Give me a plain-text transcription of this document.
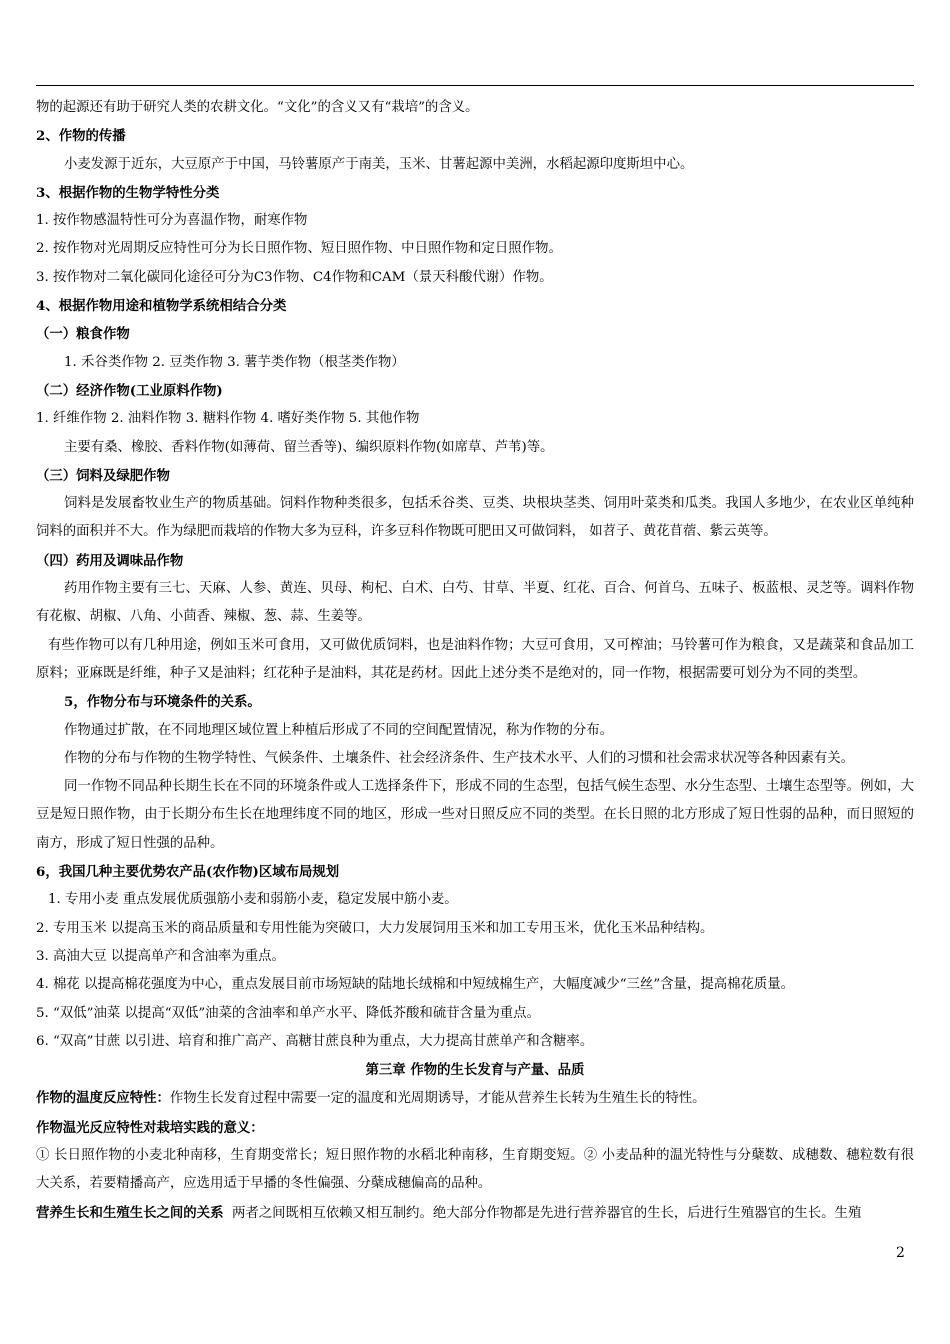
物的起源还有助于研究人类的农耕文化。“文化”的含义又有“栽培”的含义。

2、作物的传播

小麦发源于近东，大豆原产于中国，马铃薯原产于南美，玉米、甘薯起源中美洲，水稻起源印度斯坦中心。

3、根据作物的生物学特性分类

1. 按作物感温特性可分为喜温作物，耐寒作物

2. 按作物对光周期反应特性可分为长日照作物、短日照作物、中日照作物和定日照作物。

3. 按作物对二氧化碳同化途径可分为C3作物、C4作物和CAM（景天科酸代谢）作物。

4、根据作物用途和植物学系统相结合分类

（一）粮食作物

1. 禾谷类作物 2. 豆类作物 3. 薯芋类作物（根茎类作物）

（二）经济作物(工业原料作物)

1. 纤维作物 2. 油料作物 3. 糖料作物 4. 嗜好类作物 5. 其他作物

主要有桑、橡胶、香料作物(如薄荷、留兰香等)、编织原料作物(如席草、芦苇)等。

（三）饲料及绿肥作物

饲料是发展畜牧业生产的物质基础。饲料作物种类很多，包括禾谷类、豆类、块根块茎类、饲用叶菜类和瓜类。我国人多地少，在农业区单纯种饲料的面积并不大。作为绿肥而栽培的作物大多为豆科，许多豆科作物既可肥田又可做饲料， 如苕子、黄花苜蓿、紫云英等。

（四）药用及调味品作物

药用作物主要有三七、天麻、人参、黄连、贝母、枸杞、白术、白芍、甘草、半夏、红花、百合、何首乌、五味子、板蓝根、灵芝等。调料作物有花椒、胡椒、八角、小茴香、辣椒、葱、蒜、生姜等。

有些作物可以有几种用途，例如玉米可食用，又可做优质饲料，也是油料作物；大豆可食用，又可榨油；马铃薯可作为粮食，又是蔬菜和食品加工原料；亚麻既是纤维，种子又是油料；红花种子是油料，其花是药材。因此上述分类不是绝对的，同一作物，根据需要可划分为不同的类型。

5，作物分布与环境条件的关系。

作物通过扩散，在不同地理区域位置上种植后形成了不同的空间配置情况，称为作物的分布。

作物的分布与作物的生物学特性、气候条件、土壤条件、社会经济条件、生产技术水平、人们的习惯和社会需求状况等各种因素有关。

同一作物不同品种长期生长在不同的环境条件或人工选择条件下，形成不同的生态型，包括气候生态型、水分生态型、土壤生态型等。例如，大豆是短日照作物，由于长期分布生长在地理纬度不同的地区，形成一些对日照反应不同的类型。在长日照的北方形成了短日性弱的品种，而日照短的南方，形成了短日性强的品种。

6，我国几种主要优势农产品(农作物)区域布局规划

1. 专用小麦 重点发展优质强筋小麦和弱筋小麦，稳定发展中筋小麦。

2. 专用玉米 以提高玉米的商品质量和专用性能为突破口，大力发展饲用玉米和加工专用玉米，优化玉米品种结构。

3. 高油大豆 以提高单产和含油率为重点。

4. 棉花 以提高棉花强度为中心，重点发展目前市场短缺的陆地长绒棉和中短绒棉生产，大幅度减少“三丝”含量，提高棉花质量。

5. “双低”油菜 以提高“双低”油菜的含油率和单产水平、降低芥酸和硫苷含量为重点。

6. “双高”甘蔗 以引进、培育和推广高产、高糖甘蔗良种为重点，大力提高甘蔗单产和含糖率。

第三章 作物的生长发育与产量、品质

作物的温度反应特性：作物生长发育过程中需要一定的温度和光周期诱导，才能从营养生长转为生殖生长的特性。

作物温光反应特性对栽培实践的意义：

① 长日照作物的小麦北种南移，生育期变常长；短日照作物的水稻北种南移，生育期变短。② 小麦品种的温光特性与分蘖数、成穗数、穗粒数有很大关系，若要精播高产，应选用适于早播的冬性偏强、分蘖成穗偏高的品种。

营养生长和生殖生长之间的关系  两者之间既相互依赖又相互制约。绝大部分作物都是先进行营养器官的生长，后进行生殖器官的生长。生殖

2
